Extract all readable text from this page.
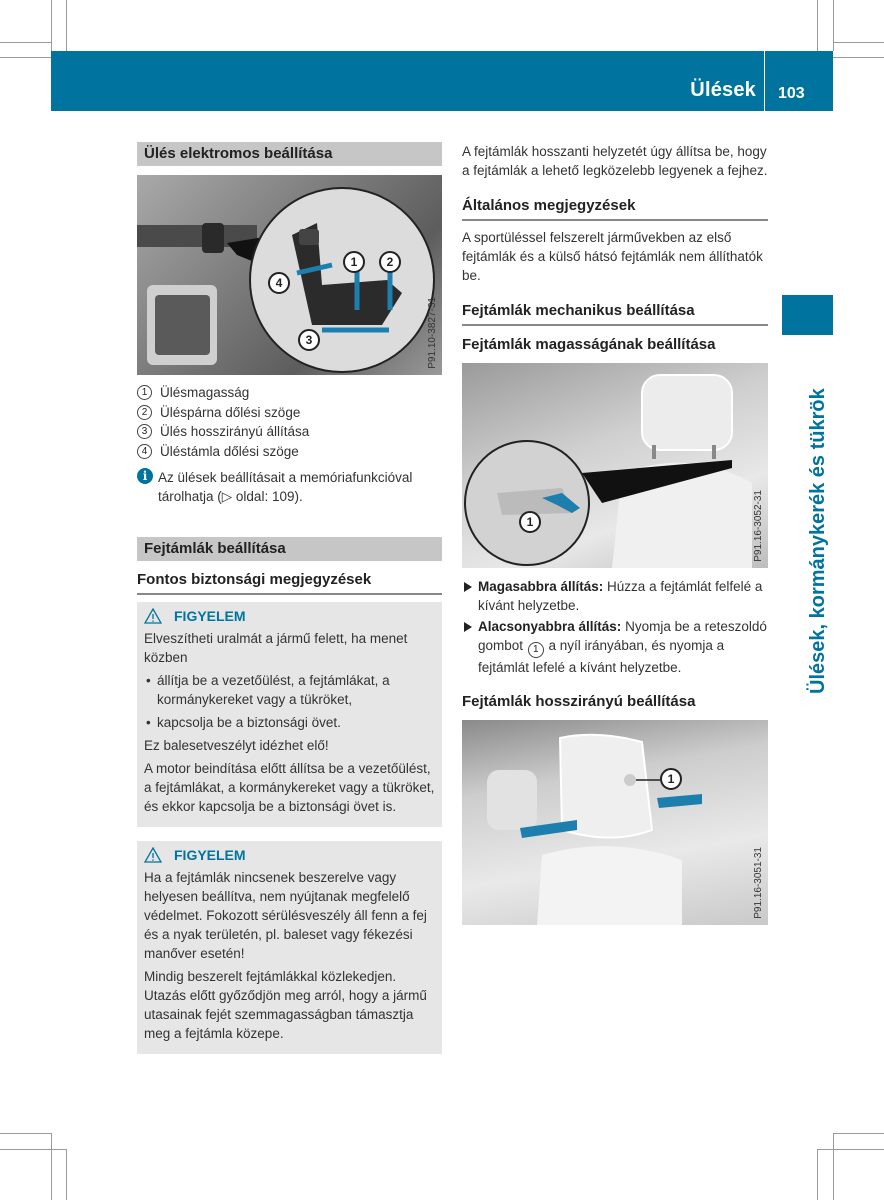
Ülések 103
Ülések, kormánykerék és tükrök
Ülés elektromos beállítása
1	2
3
4
P91.10-3827-31
1 Ülésmagasság
2 Üléspárna dőlési szöge
3 Ülés hosszirányú állítása
4 Üléstámla dőlési szöge
i Az ülések beállításait a memóriafunkcióval tárolhatja (▷ oldal: 109).

Fejtámlák beállítása
Fontos biztonsági megjegyzések
FIGYELEM

Elveszítheti uralmát a jármű felett, ha menet közben

• állítja be a vezetőülést, a fejtámlákat, a kormánykereket vagy a tükröket,
• kapcsolja be a biztonsági övet.

Ez balesetveszélyt idézhet elő!

A motor beindítása előtt állítsa be a vezetőülést, a fejtámlákat, a kormánykereket vagy a tükröket, és ekkor kapcsolja be a biztonsági övet is.

FIGYELEM

Ha a fejtámlák nincsenek beszerelve vagy helyesen beállítva, nem nyújtanak megfelelő védelmet. Fokozott sérülésveszély áll fenn a fej és a nyak területén, pl. baleset vagy fékezési manőver esetén!

Mindig beszerelt fejtámlákkal közlekedjen. Utazás előtt győződjön meg arról, hogy a jármű utasainak fejét szemmagasságban támasztja meg a fejtámla közepe.

A fejtámlák hosszanti helyzetét úgy állítsa be, hogy a fejtámlák a lehető legközelebb legyenek a fejhez.

Általános megjegyzések

A sportüléssel felszerelt járművekben az első fejtámlák és a külső hátsó fejtámlák nem állíthatók be.

Fejtámlák mechanikus beállítása
Fejtámlák magasságának beállítása
1	P91.16-3052-31
Magasabbra állítás: Húzza a fejtámlát felfelé a kívánt helyzetbe.
Alacsonyabbra állítás: Nyomja be a reteszoldó gombot 1 a nyíl irányában, és nyomja a fejtámlát lefelé a kívánt helyzetbe.
Fejtámlák hosszirányú beállítása
1
P91.16-3051-31
